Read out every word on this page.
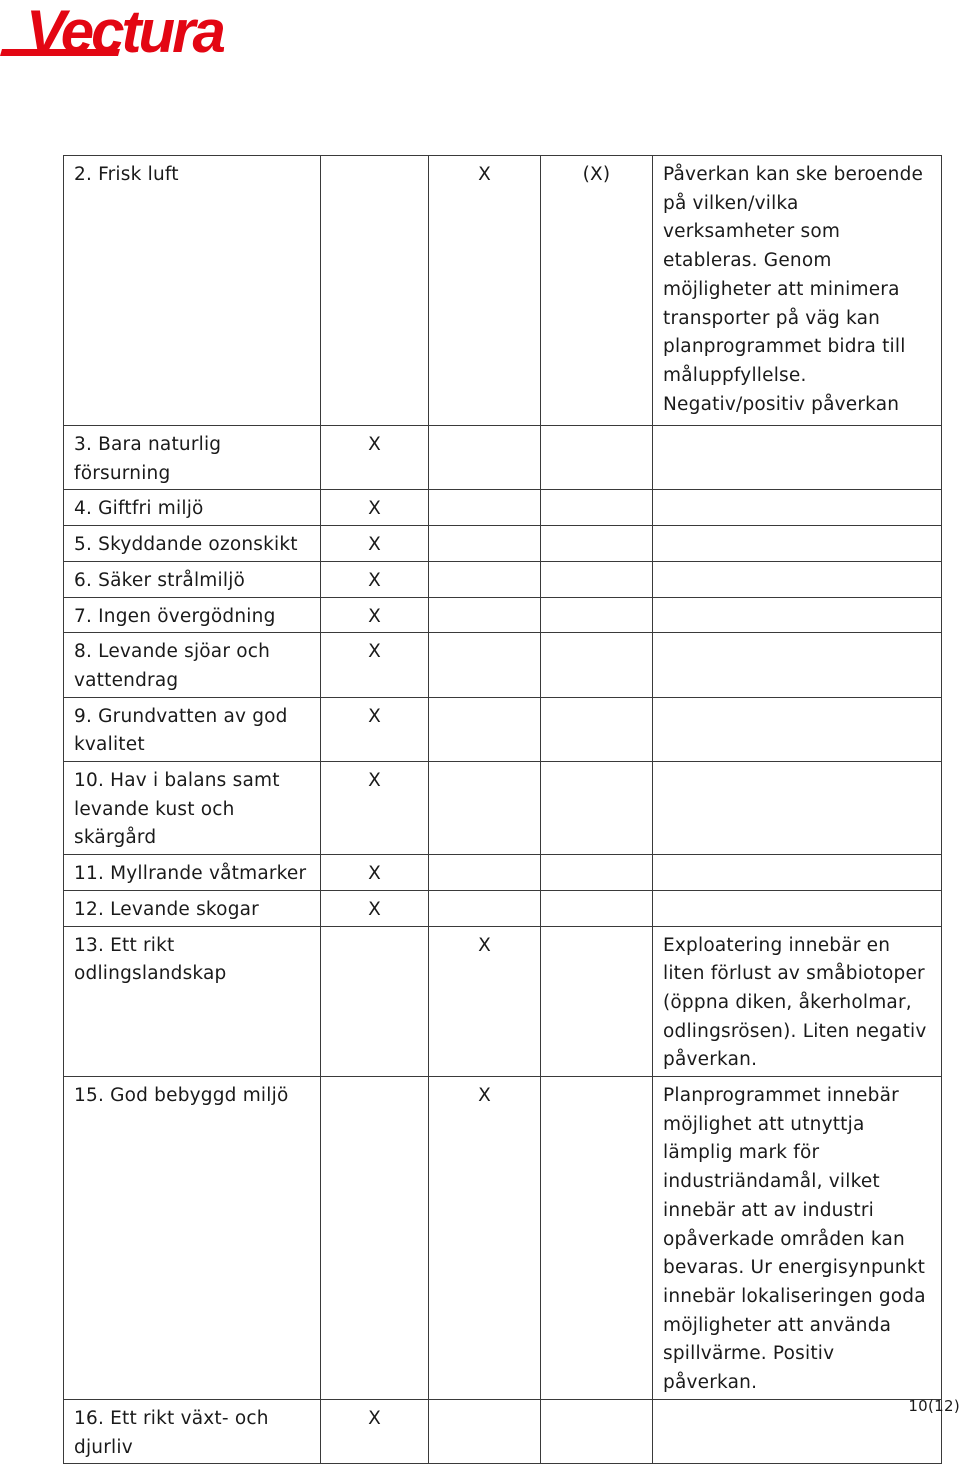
Vectura
2. Frisk luft		X	(X)	Påverkan kan ske beroende på vilken/vilka verksamheter som etableras. Genom möjligheter att minimera transporter på väg kan planprogrammet bidra till måluppfyllelse. Negativ/positiv påverkan
3. Bara naturlig försurning	X			
4. Giftfri miljö	X			
5. Skyddande ozonskikt	X			
6. Säker strålmiljö	X			
7. Ingen övergödning	X			
8. Levande sjöar och vattendrag	X			
9. Grundvatten av god kvalitet	X			
10. Hav i balans samt levande kust och skärgård	X			
11. Myllrande våtmarker	X			
12. Levande skogar	X			
13. Ett rikt odlingslandskap		X		Exploatering innebär en liten förlust av småbiotoper (öppna diken, åkerholmar, odlingsrösen). Liten negativ påverkan.
15. God bebyggd miljö		X		Planprogrammet innebär möjlighet att utnyttja lämplig mark för industriändamål, vilket innebär att av industri opåverkade områden kan bevaras. Ur energisynpunkt innebär lokaliseringen goda möjligheter att använda spillvärme. Positiv påverkan.
16. Ett rikt växt- och djurliv	X			
10(12)
